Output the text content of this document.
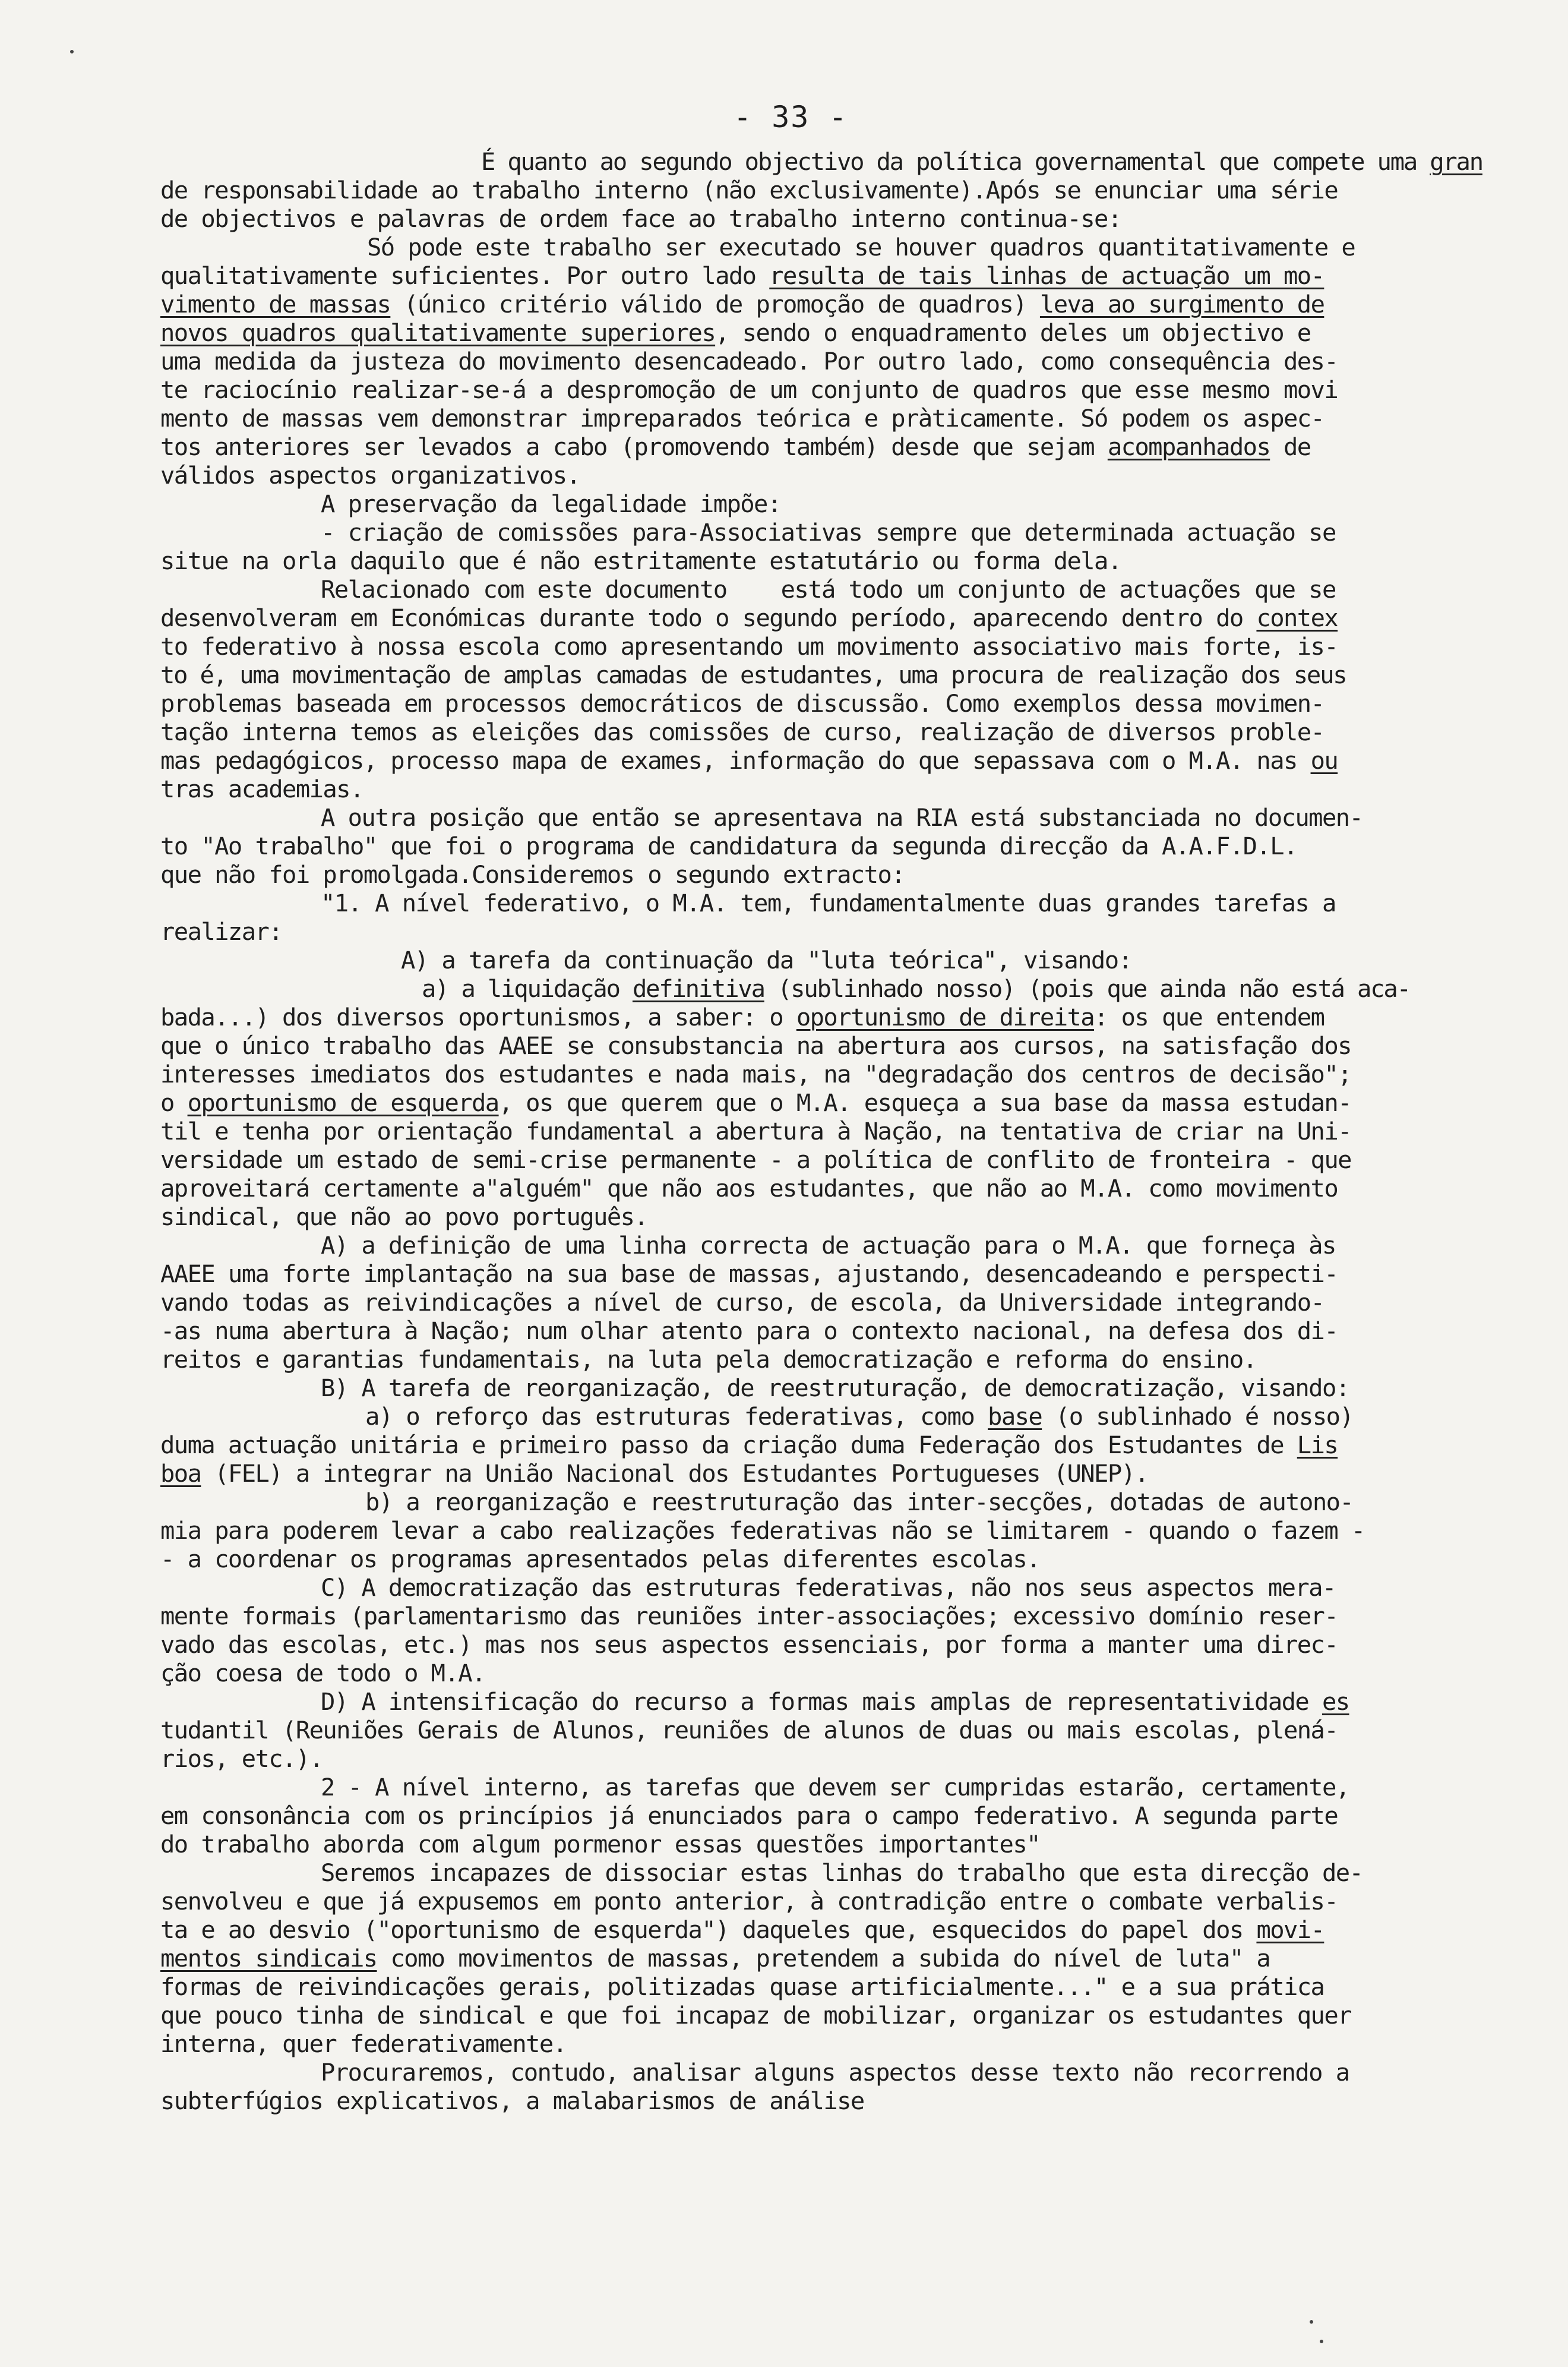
- 33 -
É quanto ao segundo objectivo da política governamental que compete uma gran
de responsabilidade ao trabalho interno (não exclusivamente).Após se enunciar uma série
de objectivos e palavras de ordem face ao trabalho interno continua-se:
Só pode este trabalho ser executado se houver quadros quantitativamente e
qualitativamente suficientes. Por outro lado resulta de tais linhas de actuação um mo-
vimento de massas (único critério válido de promoção de quadros) leva ao surgimento de
novos quadros qualitativamente superiores, sendo o enquadramento deles um objectivo e
uma medida da justeza do movimento desencadeado. Por outro lado, como consequência des-
te raciocínio realizar-se-á a despromoção de um conjunto de quadros que esse mesmo movi
mento de massas vem demonstrar impreparados teórica e pràticamente. Só podem os aspec-
tos anteriores ser levados a cabo (promovendo também) desde que sejam acompanhados de
válidos aspectos organizativos.
A preservação da legalidade impõe:
- criação de comissões para-Associativas sempre que determinada actuação se
situe na orla daquilo que é não estritamente estatutário ou forma dela.
Relacionado com este documento    está todo um conjunto de actuações que se
desenvolveram em Económicas durante todo o segundo período, aparecendo dentro do contex
to federativo à nossa escola como apresentando um movimento associativo mais forte, is-
to é, uma movimentação de amplas camadas de estudantes, uma procura de realização dos seus
problemas baseada em processos democráticos de discussão. Como exemplos dessa movimen-
tação interna temos as eleições das comissões de curso, realização de diversos proble-
mas pedagógicos, processo mapa de exames, informação do que sepassava com o M.A. nas ou
tras academias.
A outra posição que então se apresentava na RIA está substanciada no documen-
to "Ao trabalho" que foi o programa de candidatura da segunda direcção da A.A.F.D.L.
que não foi promolgada.Consideremos o segundo extracto:
"1. A nível federativo, o M.A. tem, fundamentalmente duas grandes tarefas a
realizar:
A) a tarefa da continuação da "luta teórica", visando:
a) a liquidação definitiva (sublinhado nosso) (pois que ainda não está aca-
bada...) dos diversos oportunismos, a saber: o oportunismo de direita: os que entendem
que o único trabalho das AAEE se consubstancia na abertura aos cursos, na satisfação dos
interesses imediatos dos estudantes e nada mais, na "degradação dos centros de decisão";
o oportunismo de esquerda, os que querem que o M.A. esqueça a sua base da massa estudan-
til e tenha por orientação fundamental a abertura à Nação, na tentativa de criar na Uni-
versidade um estado de semi-crise permanente - a política de conflito de fronteira - que
aproveitará certamente a"alguém" que não aos estudantes, que não ao M.A. como movimento
sindical, que não ao povo português.
A) a definição de uma linha correcta de actuação para o M.A. que forneça às
AAEE uma forte implantação na sua base de massas, ajustando, desencadeando e perspecti-
vando todas as reivindicações a nível de curso, de escola, da Universidade integrando-
-as numa abertura à Nação; num olhar atento para o contexto nacional, na defesa dos di-
reitos e garantias fundamentais, na luta pela democratização e reforma do ensino.
B) A tarefa de reorganização, de reestruturação, de democratização, visando:
a) o reforço das estruturas federativas, como base (o sublinhado é nosso)
duma actuação unitária e primeiro passo da criação duma Federação dos Estudantes de Lis
boa (FEL) a integrar na União Nacional dos Estudantes Portugueses (UNEP).
b) a reorganização e reestruturação das inter-secções, dotadas de autono-
mia para poderem levar a cabo realizações federativas não se limitarem - quando o fazem -
- a coordenar os programas apresentados pelas diferentes escolas.
C) A democratização das estruturas federativas, não nos seus aspectos mera-
mente formais (parlamentarismo das reuniões inter-associações; excessivo domínio reser-
vado das escolas, etc.) mas nos seus aspectos essenciais, por forma a manter uma direc-
ção coesa de todo o M.A.
D) A intensificação do recurso a formas mais amplas de representatividade es
tudantil (Reuniões Gerais de Alunos, reuniões de alunos de duas ou mais escolas, plená-
rios, etc.).
2 - A nível interno, as tarefas que devem ser cumpridas estarão, certamente,
em consonância com os princípios já enunciados para o campo federativo. A segunda parte
do trabalho aborda com algum pormenor essas questões importantes"
Seremos incapazes de dissociar estas linhas do trabalho que esta direcção de-
senvolveu e que já expusemos em ponto anterior, à contradição entre o combate verbalis-
ta e ao desvio ("oportunismo de esquerda") daqueles que, esquecidos do papel dos movi-
mentos sindicais como movimentos de massas, pretendem a subida do nível de luta" a
formas de reivindicações gerais, politizadas quase artificialmente..." e a sua prática
que pouco tinha de sindical e que foi incapaz de mobilizar, organizar os estudantes quer
interna, quer federativamente.
Procuraremos, contudo, analisar alguns aspectos desse texto não recorrendo a
subterfúgios explicativos, a malabarismos de análise
